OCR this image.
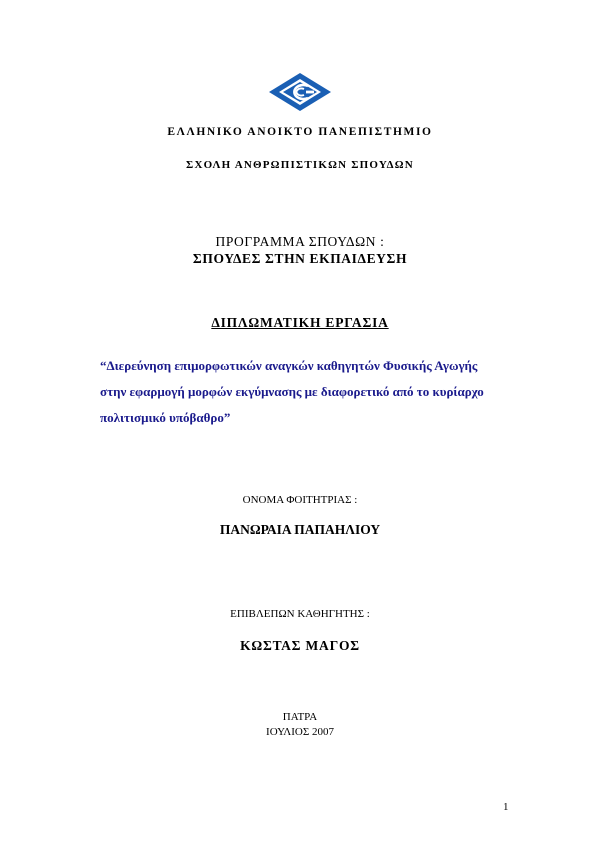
ΕΛΛΗΝΙΚΟ ΑΝΟΙΚΤΟ ΠΑΝΕΠΙΣΤΗΜΙΟ
ΣΧΟΛΗ ΑΝΘΡΩΠΙΣΤΙΚΩΝ ΣΠΟΥΔΩΝ
ΠΡΟΓΡΑΜΜΑ ΣΠΟΥΔΩΝ :
ΣΠΟΥΔΕΣ ΣΤΗΝ ΕΚΠΑΙΔΕΥΣΗ
ΔΙΠΛΩΜΑΤΙΚΗ ΕΡΓΑΣΙΑ
“Διερεύνηση επιμορφωτικών αναγκών καθηγητών Φυσικής Αγωγής
στην εφαρμογή μορφών εκγύμνασης με διαφορετικό από το κυρίαρχο
πολιτισμικό υπόβαθρο”
ΟΝΟΜΑ ΦΟΙΤΗΤΡΙΑΣ :
ΠΑΝΩΡΑΙΑ ΠΑΠΑΗΛΙΟΥ
ΕΠΙΒΛΕΠΩΝ ΚΑΘΗΓΗΤΗΣ :
ΚΩΣΤΑΣ ΜΑΓΟΣ
ΠΑΤΡΑ
ΙΟΥΛΙΟΣ 2007
1
